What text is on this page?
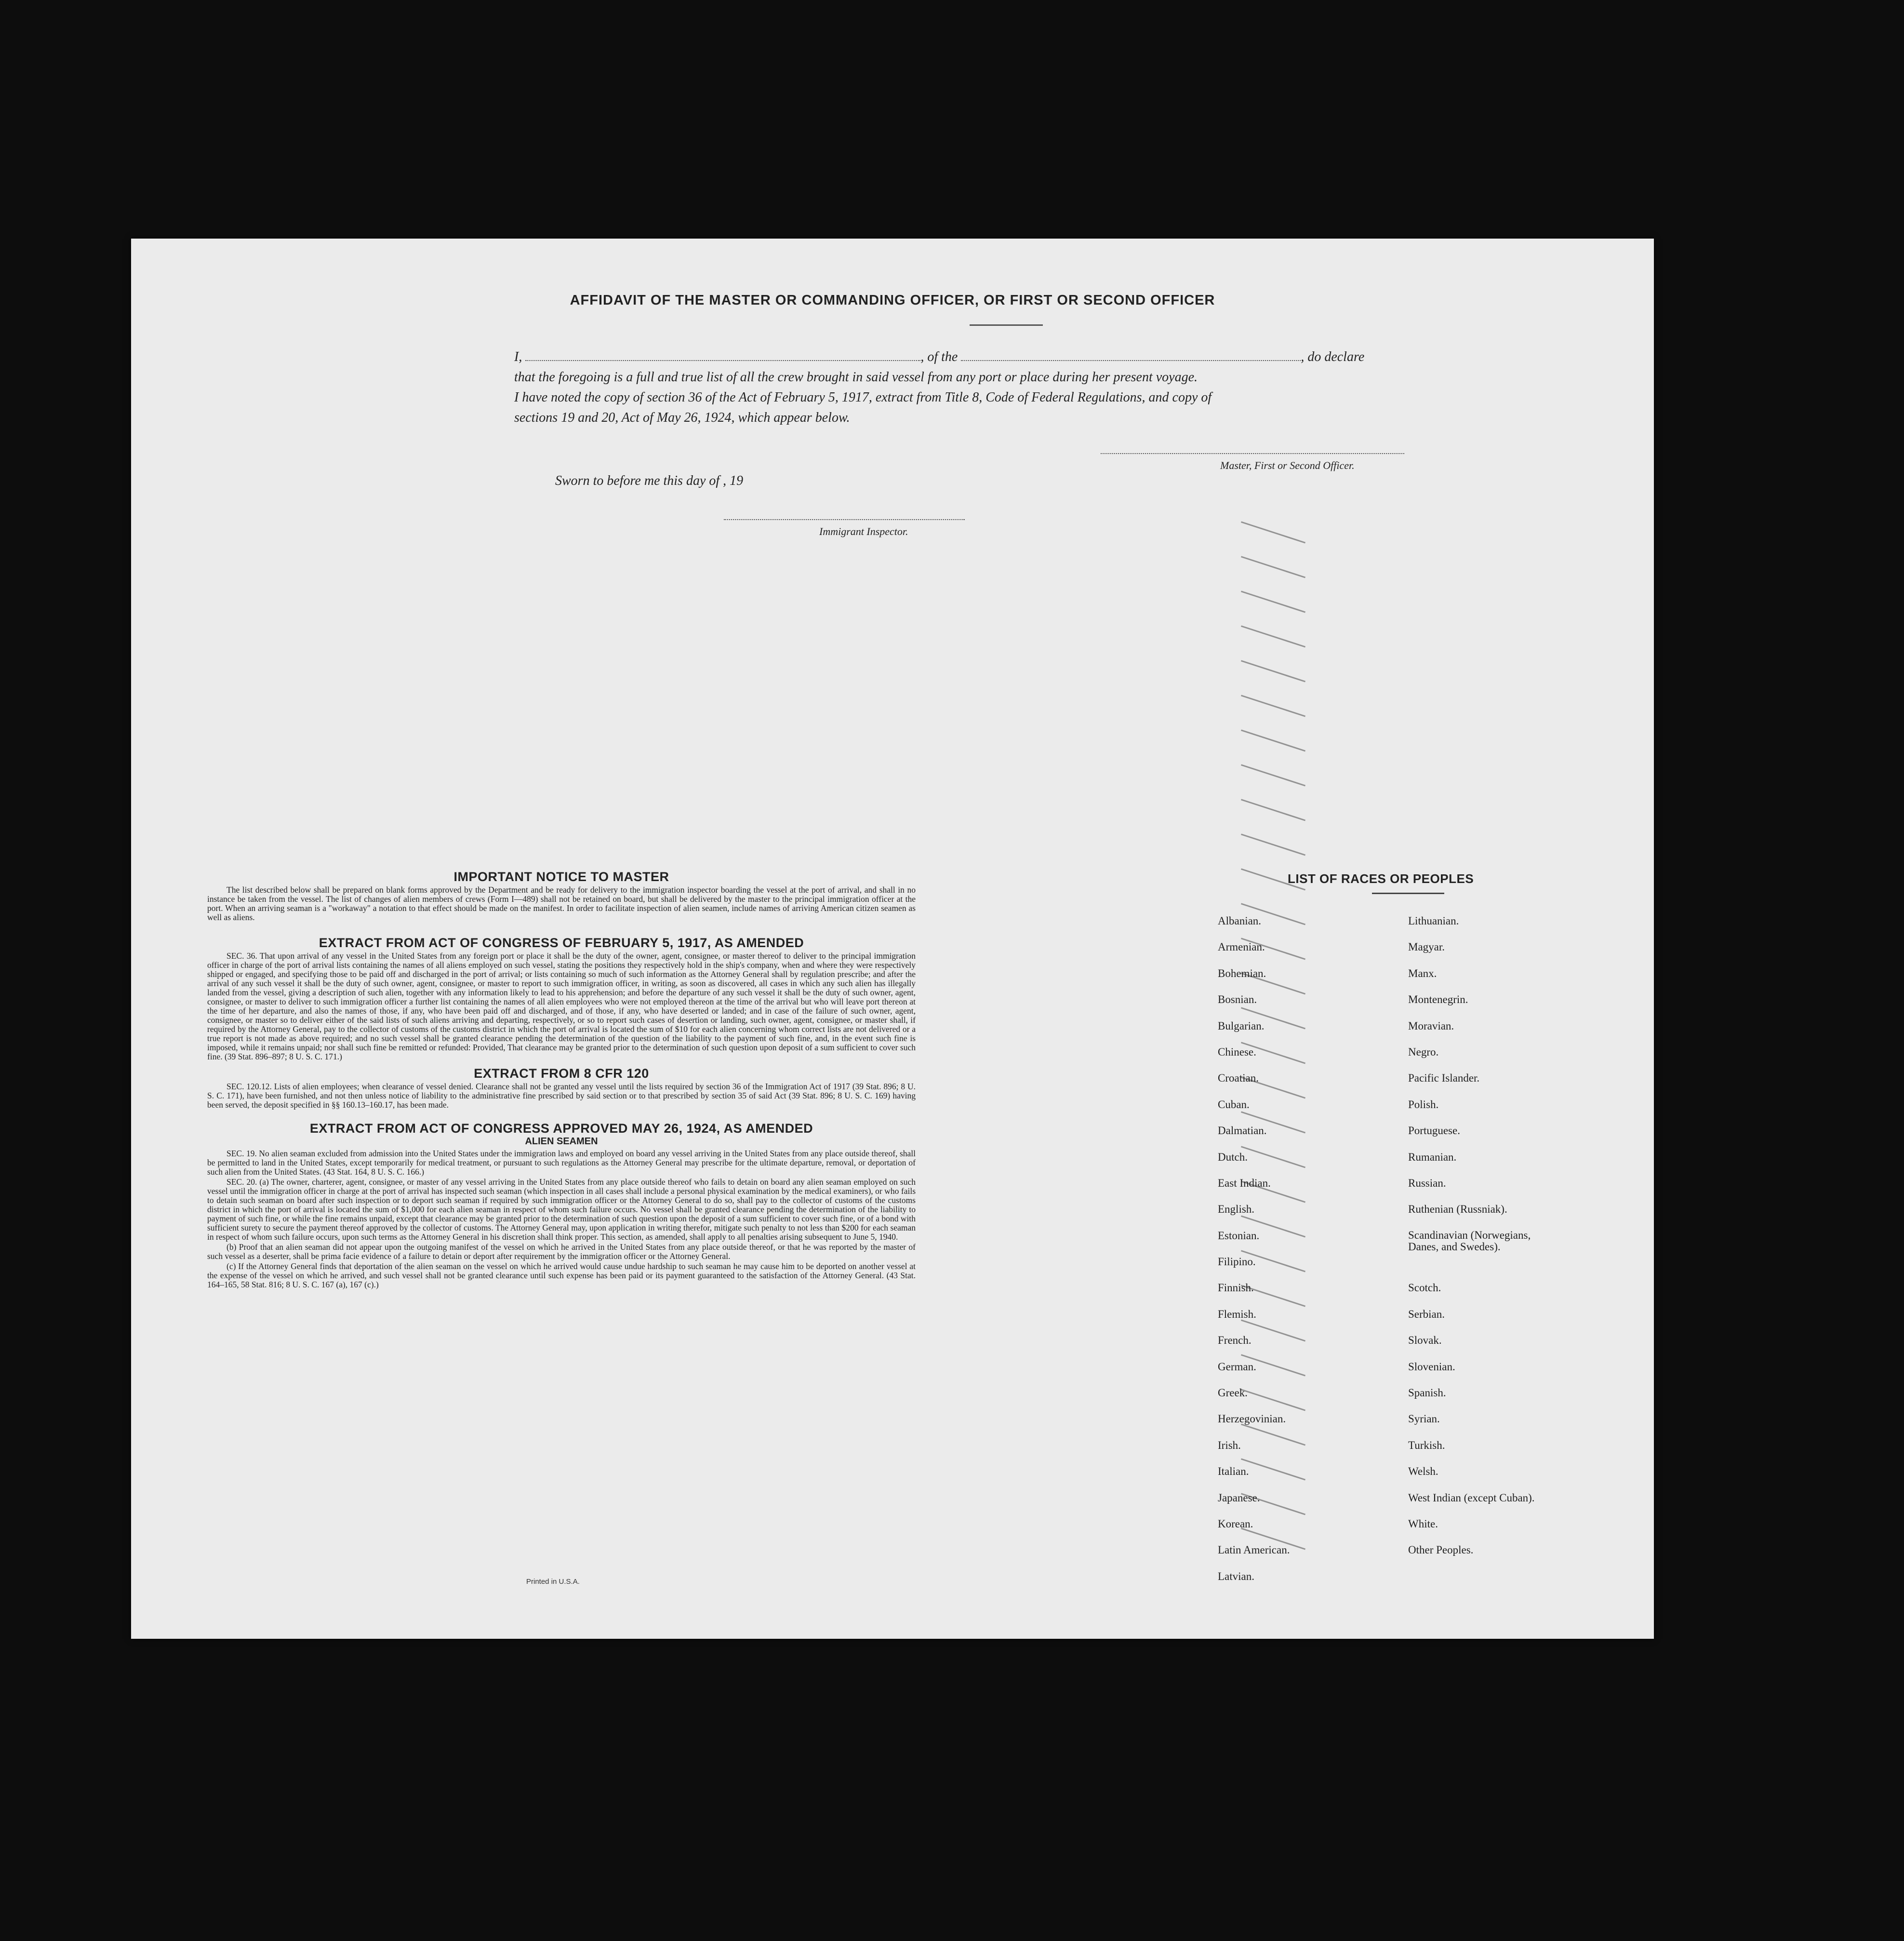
AFFIDAVIT OF THE MASTER OR COMMANDING OFFICER, OR FIRST OR SECOND OFFICER
I,	, of the	, do declare
that the foregoing is a full and true list of all the crew brought in said vessel from any port or place during her present voyage.
I have noted the copy of section 36 of the Act of February 5, 1917, extract from Title 8, Code of Federal Regulations, and copy of sections 19 and 20, Act of May 26, 1924, which appear below.
Master, First or Second Officer.
Sworn to before me this day of , 19
Immigrant Inspector.
IMPORTANT NOTICE TO MASTER

The list described below shall be prepared on blank forms approved by the Department and be ready for delivery to the immigration inspector boarding the vessel at the port of arrival, and shall in no instance be taken from the vessel. The list of changes of alien members of crews (Form I—489) shall not be retained on board, but shall be delivered by the master to the principal immigration officer at the port. When an arriving seaman is a "workaway" a notation to that effect should be made on the manifest. In order to facilitate inspection of alien seamen, include names of arriving American citizen seamen as well as aliens.

EXTRACT FROM ACT OF CONGRESS OF FEBRUARY 5, 1917, AS AMENDED

SEC. 36. That upon arrival of any vessel in the United States from any foreign port or place it shall be the duty of the owner, agent, consignee, or master thereof to deliver to the principal immigration officer in charge of the port of arrival lists containing the names of all aliens employed on such vessel, stating the positions they respectively hold in the ship's company, when and where they were respectively shipped or engaged, and specifying those to be paid off and discharged in the port of arrival; or lists containing so much of such information as the Attorney General shall by regulation prescribe; and after the arrival of any such vessel it shall be the duty of such owner, agent, consignee, or master to report to such immigration officer, in writing, as soon as discovered, all cases in which any such alien has illegally landed from the vessel, giving a description of such alien, together with any information likely to lead to his apprehension; and before the departure of any such vessel it shall be the duty of such owner, agent, consignee, or master to deliver to such immigration officer a further list containing the names of all alien employees who were not employed thereon at the time of the arrival but who will leave port thereon at the time of her departure, and also the names of those, if any, who have been paid off and discharged, and of those, if any, who have deserted or landed; and in case of the failure of such owner, agent, consignee, or master so to deliver either of the said lists of such aliens arriving and departing, respectively, or so to report such cases of desertion or landing, such owner, agent, consignee, or master shall, if required by the Attorney General, pay to the collector of customs of the customs district in which the port of arrival is located the sum of $10 for each alien concerning whom correct lists are not delivered or a true report is not made as above required; and no such vessel shall be granted clearance pending the determination of the question of the liability to the payment of such fine, and, in the event such fine is imposed, while it remains unpaid; nor shall such fine be remitted or refunded: Provided, That clearance may be granted prior to the determination of such question upon deposit of a sum sufficient to cover such fine. (39 Stat. 896–897; 8 U. S. C. 171.)

EXTRACT FROM 8 CFR 120

SEC. 120.12. Lists of alien employees; when clearance of vessel denied. Clearance shall not be granted any vessel until the lists required by section 36 of the Immigration Act of 1917 (39 Stat. 896; 8 U. S. C. 171), have been furnished, and not then unless notice of liability to the administrative fine prescribed by said section or to that prescribed by section 35 of said Act (39 Stat. 896; 8 U. S. C. 169) having been served, the deposit specified in §§ 160.13–160.17, has been made.

EXTRACT FROM ACT OF CONGRESS APPROVED MAY 26, 1924, AS AMENDED
ALIEN SEAMEN

SEC. 19. No alien seaman excluded from admission into the United States under the immigration laws and employed on board any vessel arriving in the United States from any place outside thereof, shall be permitted to land in the United States, except temporarily for medical treatment, or pursuant to such regulations as the Attorney General may prescribe for the ultimate departure, removal, or deportation of such alien from the United States. (43 Stat. 164, 8 U. S. C. 166.)

SEC. 20. (a) The owner, charterer, agent, consignee, or master of any vessel arriving in the United States from any place outside thereof who fails to detain on board any alien seaman employed on such vessel until the immigration officer in charge at the port of arrival has inspected such seaman (which inspection in all cases shall include a personal physical examination by the medical examiners), or who fails to detain such seaman on board after such inspection or to deport such seaman if required by such immigration officer or the Attorney General to do so, shall pay to the collector of customs of the customs district in which the port of arrival is located the sum of $1,000 for each alien seaman in respect of whom such failure occurs. No vessel shall be granted clearance pending the determination of the liability to payment of such fine, or while the fine remains unpaid, except that clearance may be granted prior to the determination of such question upon the deposit of a sum sufficient to cover such fine, or of a bond with sufficient surety to secure the payment thereof approved by the collector of customs. The Attorney General may, upon application in writing therefor, mitigate such penalty to not less than $200 for each seaman in respect of whom such failure occurs, upon such terms as the Attorney General in his discretion shall think proper. This section, as amended, shall apply to all penalties arising subsequent to June 5, 1940.

(b) Proof that an alien seaman did not appear upon the outgoing manifest of the vessel on which he arrived in the United States from any place outside thereof, or that he was reported by the master of such vessel as a deserter, shall be prima facie evidence of a failure to detain or deport after requirement by the immigration officer or the Attorney General.

(c) If the Attorney General finds that deportation of the alien seaman on the vessel on which he arrived would cause undue hardship to such seaman he may cause him to be deported on another vessel at the expense of the vessel on which he arrived, and such vessel shall not be granted clearance until such expense has been paid or its payment guaranteed to the satisfaction of the Attorney General. (43 Stat. 164–165, 58 Stat. 816; 8 U. S. C. 167 (a), 167 (c).)

Printed in U.S.A.
LIST OF RACES OR PEOPLES
Albanian.
Armenian.
Bohemian.
Bosnian.
Bulgarian.
Chinese.
Croatian.
Cuban.
Dalmatian.
Dutch.
East Indian.
English.
Estonian.
Filipino.
Finnish.
Flemish.
French.
German.
Greek.
Herzegovinian.
Irish.
Italian.
Japanese.
Korean.
Latin American.
Latvian.
Lithuanian.
Magyar.
Manx.
Montenegrin.
Moravian.
Negro.
Pacific Islander.
Polish.
Portuguese.
Rumanian.
Russian.
Ruthenian (Russniak).
Scandinavian (Norwegians, Danes, and Swedes).
Scotch.
Serbian.
Slovak.
Slovenian.
Spanish.
Syrian.
Turkish.
Welsh.
West Indian (except Cuban).
White.
Other Peoples.
